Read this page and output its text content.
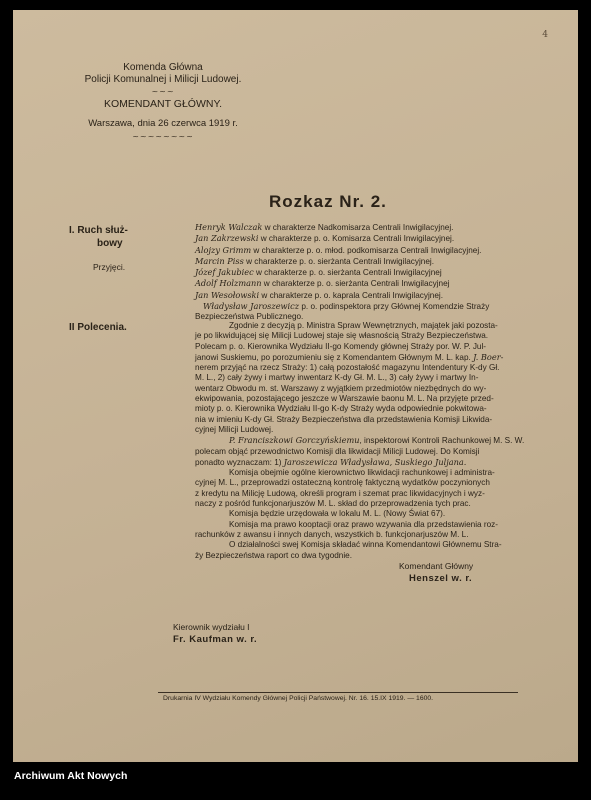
4
Komenda Główna
Policji Komunalnej i Milicji Ludowej.
~~~
KOMENDANT GŁÓWNY.
Warszawa, dnia 26 czerwca 1919 r.
~~~~~~~~
Rozkaz Nr. 2.
I. Ruch służ-
bowy
Przyjęci.
Henryk Walczak w charakterze Nadkomisarza Centrali Inwigilacyjnej.
Jan Zakrzewski w charakterze p. o. Komisarza Centrali Inwigilacyjnej.
Alojzy Grimm w charakterze p. o. młod. podkomisarza Centrali Inwigilacyjnej.
Marcin Piss w charakterze p. o. sierżanta Centrali Inwigilacyjnej.
Józef Jakubiec w charakterze p. o. sierżanta Centrali Inwigilacyjnej
Adolf Holzmann w charakterze p. o. sierżanta Centrali Inwigilacyjnej
Jan Wesołowski w charakterze p. o. kaprala Centrali Inwigilacyjnej.
Władysław Jaroszewicz p. o. podinspektora przy Głównej Komendzie Straży
Bezpieczeństwa Publicznego.
II Polecenia.	Zgodnie z decyzją p. Ministra Spraw Wewnętrznych, majątek jaki pozosta-
je po likwidującej się Milicji Ludowej staje się własnością Straży Bezpieczeństwa.
Polecam p. o. Kierownika Wydziału II-go Komendy głównej Straży por. W. P. Jul-
janowi Suskiemu, po porozumieniu się z Komendantem Głównym M. L. kap. J. Boer-
nerem przyjąć na rzecz Straży: 1) całą pozostałość magazynu Intendentury K-dy Gł.
M. L., 2) cały żywy i martwy inwentarz K-dy Gł. M. L., 3) cały żywy i martwy In-
wentarz Obwodu m. st. Warszawy z wyjątkiem przedmiotów niezbędnych do wy-
ekwipowania, pozostającego jeszcze w Warszawie baonu M. L. Na przyjęte przed-
mioty p. o. Kierownika Wydziału II-go K-dy Straży wyda odpowiednie pokwitowa-
nia w imieniu K-dy Gł. Straży Bezpieczeństwa dla przedstawienia Komisji Likwida-
cyjnej Milicji Ludowej.
P. Franciszkowi Gorczyńskiemu, inspektorowi Kontroli Rachunkowej M. S. W.
polecam objąć przewodnictwo Komisji dla likwidacji Milicji Ludowej. Do Komisji
ponadto wyznaczam: 1) Jaroszewicza Władysława, Suskiego Juljana.
Komisja obejmie ogólne kierownictwo likwidacji rachunkowej i administra-
cyjnej M. L., przeprowadzi ostateczną kontrolę faktyczną wydatków poczynionych
z kredytu na Milicję Ludową, określi program i szemat prac likwidacyjnych i wyz-
naczy z pośród funkcjonarjuszów M. L. skład do przeprowadzenia tych prac.
Komisja będzie urzędowała w lokalu M. L. (Nowy Świat 67).
Komisja ma prawo kooptacji oraz prawo wzywania dla przedstawienia roz-
rachunków z awansu i innych danych, wszystkich b. funkcjonarjuszów M. L.
O działalności swej Komisja składać winna Komendantowi Głównemu Stra-
ży Bezpieczeństwa raport co dwa tygodnie.
Komendant Główny
Henszel w. r.
Kierownik wydziału I
Fr. Kaufman w. r.
Drukarnia IV Wydziału Komendy Głównej Policji Państwowej. Nr. 16. 15.IX 1919. — 1600.
Archiwum Akt Nowych
